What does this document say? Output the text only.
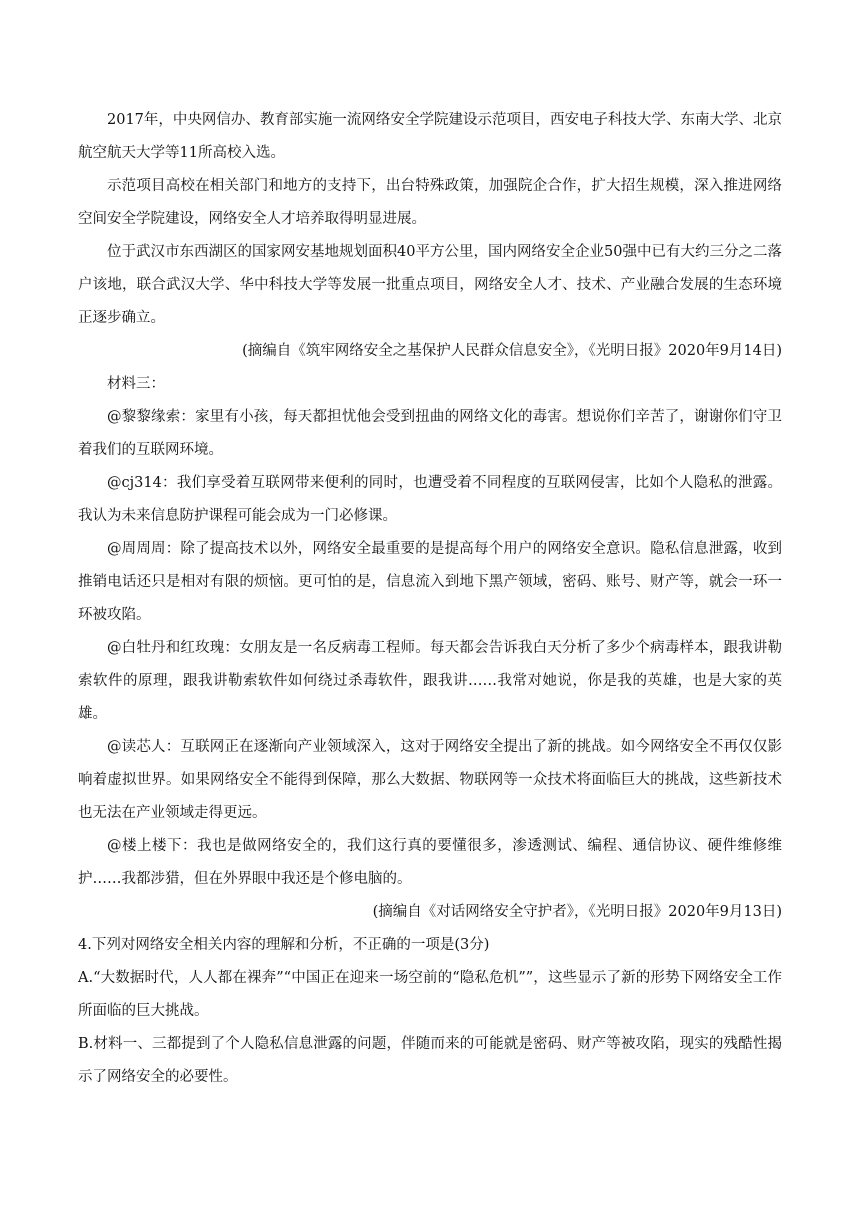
2017年，中央网信办、教育部实施一流网络安全学院建设示范项目，西安电子科技大学、东南大学、北京航空航天大学等11所高校入选。

示范项目高校在相关部门和地方的支持下，出台特殊政策，加强院企合作，扩大招生规模，深入推进网络空间安全学院建设，网络安全人才培养取得明显进展。

位于武汉市东西湖区的国家网安基地规划面积40平方公里，国内网络安全企业50强中已有大约三分之二落户该地，联合武汉大学、华中科技大学等发展一批重点项目，网络安全人才、技术、产业融合发展的生态环境正逐步确立。

(摘编自《筑牢网络安全之基保护人民群众信息安全》，《光明日报》2020年9月14日)

材料三：

@黎黎缘索：家里有小孩，每天都担忧他会受到扭曲的网络文化的毒害。想说你们辛苦了，谢谢你们守卫着我们的互联网环境。

@cj314：我们享受着互联网带来便利的同时，也遭受着不同程度的互联网侵害，比如个人隐私的泄露。我认为未来信息防护课程可能会成为一门必修课。

@周周周：除了提高技术以外，网络安全最重要的是提高每个用户的网络安全意识。隐私信息泄露，收到推销电话还只是相对有限的烦恼。更可怕的是，信息流入到地下黑产领域，密码、账号、财产等，就会一环一环被攻陷。

@白牡丹和红玫瑰：女朋友是一名反病毒工程师。每天都会告诉我白天分析了多少个病毒样本，跟我讲勒索软件的原理，跟我讲勒索软件如何绕过杀毒软件，跟我讲……我常对她说，你是我的英雄，也是大家的英雄。

@读芯人：互联网正在逐渐向产业领域深入，这对于网络安全提出了新的挑战。如今网络安全不再仅仅影响着虚拟世界。如果网络安全不能得到保障，那么大数据、物联网等一众技术将面临巨大的挑战，这些新技术也无法在产业领域走得更远。

@楼上楼下：我也是做网络安全的，我们这行真的要懂很多，渗透测试、编程、通信协议、硬件维修维护……我都涉猎，但在外界眼中我还是个修电脑的。

(摘编自《对话网络安全守护者》，《光明日报》2020年9月13日)

4.下列对网络安全相关内容的理解和分析，不正确的一项是(3分)

A.“大数据时代，人人都在裸奔”“中国正在迎来一场空前的“隐私危机””，这些显示了新的形势下网络安全工作所面临的巨大挑战。

B.材料一、三都提到了个人隐私信息泄露的问题，伴随而来的可能就是密码、财产等被攻陷，现实的残酷性揭示了网络安全的必要性。
